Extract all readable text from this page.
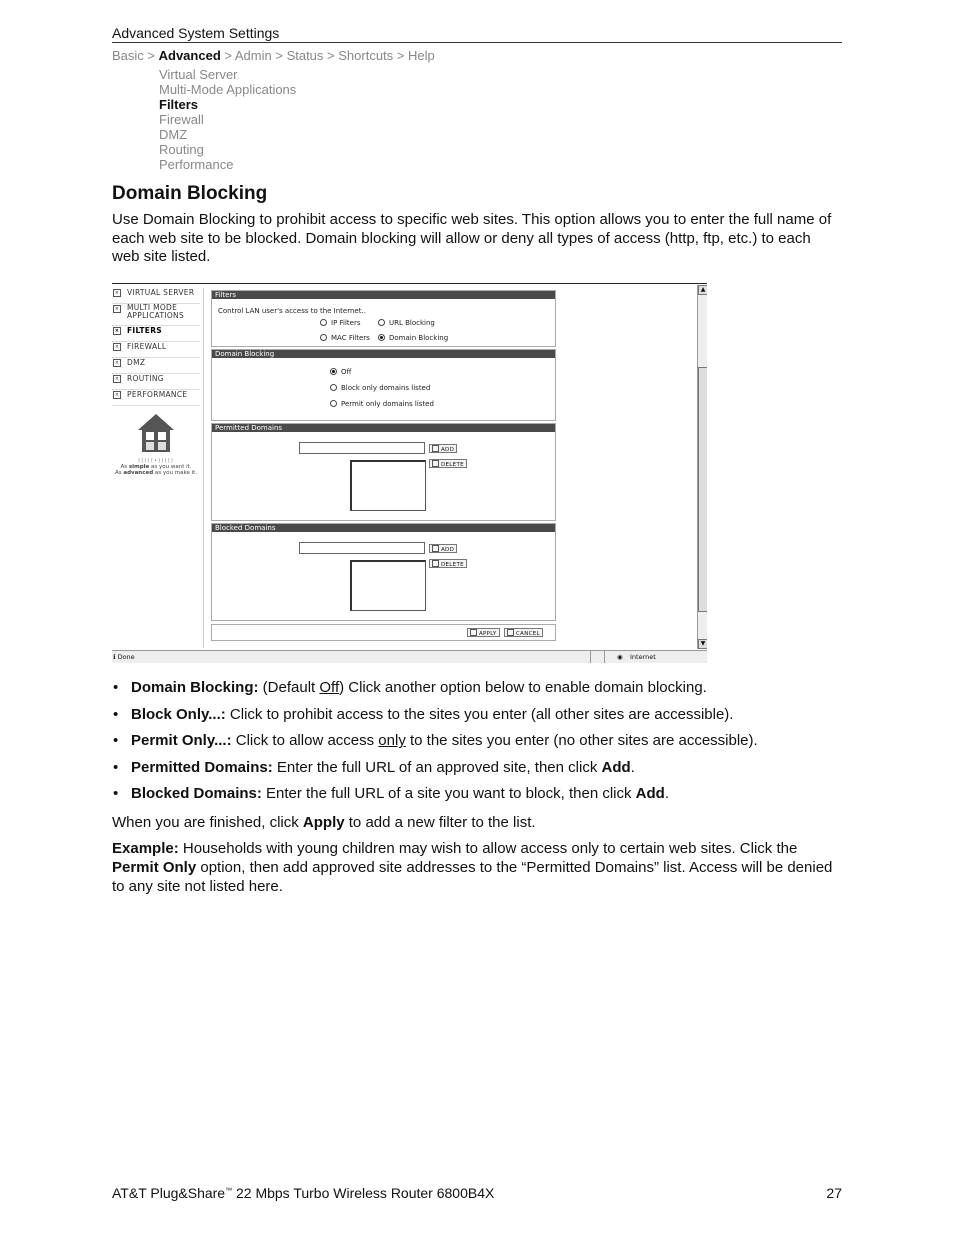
Advanced System Settings
Basic > Advanced > Admin > Status > Shortcuts > Help
Virtual Server
Multi-Mode Applications
Filters
Firewall
DMZ
Routing
Performance
Domain Blocking
Use Domain Blocking to prohibit access to specific web sites. This option allows you to enter the full name of each web site to be blocked. Domain blocking will allow or deny all types of access (http, ftp, etc.) to each web site listed.
× VIRTUAL SERVER
× MULTI MODE APPLICATIONS
× FILTERS
× FIREWALL
× DMZ
× ROUTING
× PERFORMANCE
(((((•)))))
As simple as you want it.
As advanced as you make it.
Filters
Control LAN user's access to the Internet..
IP Filters	URL Blocking
MAC Filters	Domain Blocking
Domain Blocking
Off
Block only domains listed
Permit only domains listed
Permitted Domains
ADD
DELETE
Blocked Domains
ADD
DELETE
APPLY	CANCEL
▲
▼
ℹ Done	◉ Internet
• Domain Blocking: (Default Off) Click another option below to enable domain blocking.
• Block Only...: Click to prohibit access to the sites you enter (all other sites are accessible).
• Permit Only...: Click to allow access only to the sites you enter (no other sites are accessible).
• Permitted Domains: Enter the full URL of an approved site, then click Add.
• Blocked Domains: Enter the full URL of a site you want to block, then click Add.
When you are finished, click Apply to add a new filter to the list.
Example: Households with young children may wish to allow access only to certain web sites. Click the Permit Only option, then add approved site addresses to the “Permitted Domains” list. Access will be denied to any site not listed here.
AT&T Plug&Share™ 22 Mbps Turbo Wireless Router 6800B4X	27
